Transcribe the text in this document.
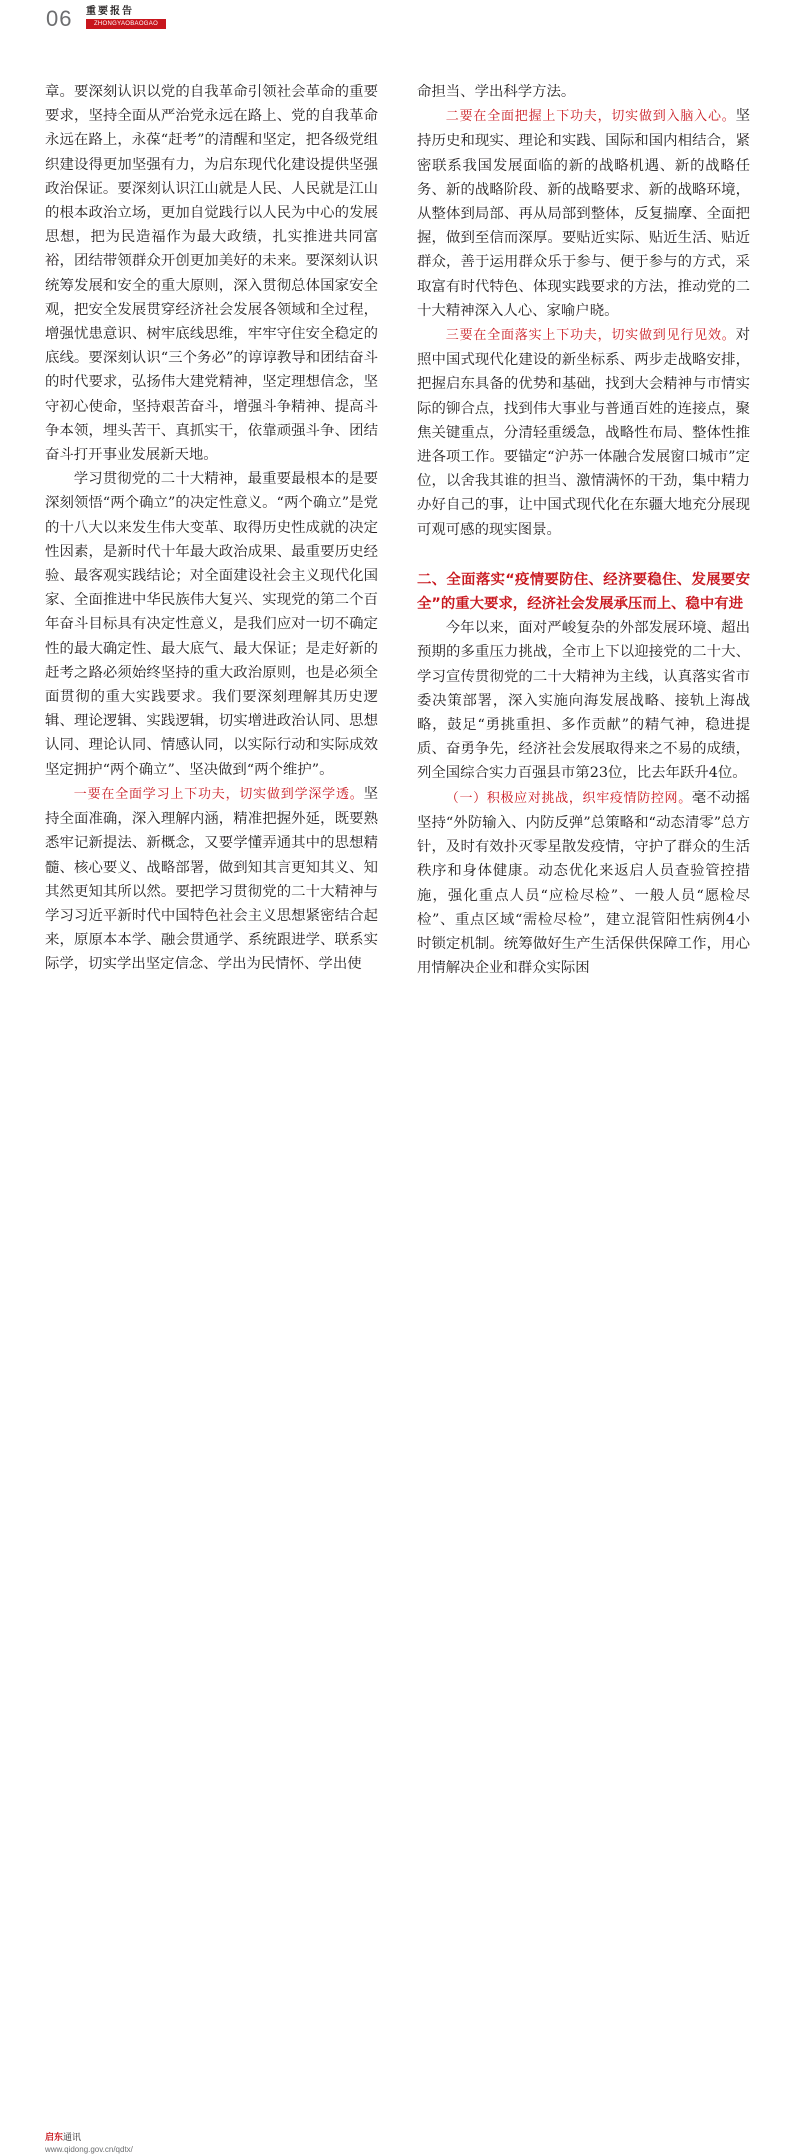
06 重要报告
ZHONGYAOBAOGAO

章。要深刻认识以党的自我革命引领社会革命的重要要求，坚持全面从严治党永远在路上、党的自我革命永远在路上，永葆“赶考”的清醒和坚定，把各级党组织建设得更加坚强有力，为启东现代化建设提供坚强政治保证。要深刻认识江山就是人民、人民就是江山的根本政治立场，更加自觉践行以人民为中心的发展思想，把为民造福作为最大政绩，扎实推进共同富裕，团结带领群众开创更加美好的未来。要深刻认识统筹发展和安全的重大原则，深入贯彻总体国家安全观，把安全发展贯穿经济社会发展各领域和全过程，增强忧患意识、树牢底线思维，牢牢守住安全稳定的底线。要深刻认识“三个务必”的谆谆教导和团结奋斗的时代要求，弘扬伟大建党精神，坚定理想信念，坚守初心使命，坚持艰苦奋斗，增强斗争精神、提高斗争本领，埋头苦干、真抓实干，依靠顽强斗争、团结奋斗打开事业发展新天地。

学习贯彻党的二十大精神，最重要最根本的是要深刻领悟“两个确立”的决定性意义。“两个确立”是党的十八大以来发生伟大变革、取得历史性成就的决定性因素，是新时代十年最大政治成果、最重要历史经验、最客观实践结论；对全面建设社会主义现代化国家、全面推进中华民族伟大复兴、实现党的第二个百年奋斗目标具有决定性意义，是我们应对一切不确定性的最大确定性、最大底气、最大保证；是走好新的赶考之路必须始终坚持的重大政治原则，也是必须全面贯彻的重大实践要求。我们要深刻理解其历史逻辑、理论逻辑、实践逻辑，切实增进政治认同、思想认同、理论认同、情感认同，以实际行动和实际成效坚定拥护“两个确立”、坚决做到“两个维护”。

一要在全面学习上下功夫，切实做到学深学透。坚持全面准确，深入理解内涵，精准把握外延，既要熟悉牢记新提法、新概念，又要学懂弄通其中的思想精髓、核心要义、战略部署，做到知其言更知其义、知其然更知其所以然。要把学习贯彻党的二十大精神与学习习近平新时代中国特色社会主义思想紧密结合起来，原原本本学、融会贯通学、系统跟进学、联系实际学，切实学出坚定信念、学出为民情怀、学出使

命担当、学出科学方法。

二要在全面把握上下功夫，切实做到入脑入心。坚持历史和现实、理论和实践、国际和国内相结合，紧密联系我国发展面临的新的战略机遇、新的战略任务、新的战略阶段、新的战略要求、新的战略环境，从整体到局部、再从局部到整体，反复揣摩、全面把握，做到至信而深厚。要贴近实际、贴近生活、贴近群众，善于运用群众乐于参与、便于参与的方式，采取富有时代特色、体现实践要求的方法，推动党的二十大精神深入人心、家喻户晓。

三要在全面落实上下功夫，切实做到见行见效。对照中国式现代化建设的新坐标系、两步走战略安排，把握启东具备的优势和基础，找到大会精神与市情实际的铆合点，找到伟大事业与普通百姓的连接点，聚焦关键重点，分清轻重缓急，战略性布局、整体性推进各项工作。要锚定“沪苏一体融合发展窗口城市”定位，以舍我其谁的担当、激情满怀的干劲，集中精力办好自己的事，让中国式现代化在东疆大地充分展现可观可感的现实图景。

二、全面落实“疫情要防住、经济要稳住、发展要安全”的重大要求，经济社会发展承压而上、稳中有进

今年以来，面对严峻复杂的外部发展环境、超出预期的多重压力挑战，全市上下以迎接党的二十大、学习宣传贯彻党的二十大精神为主线，认真落实省市委决策部署，深入实施向海发展战略、接轨上海战略，鼓足“勇挑重担、多作贡献”的精气神，稳进提质、奋勇争先，经济社会发展取得来之不易的成绩，列全国综合实力百强县市第23位，比去年跃升4位。

（一）积极应对挑战，织牢疫情防控网。毫不动摇坚持“外防输入、内防反弹”总策略和“动态清零”总方针，及时有效扑灭零星散发疫情，守护了群众的生活秩序和身体健康。动态优化来返启人员查验管控措施，强化重点人员“应检尽检”、一般人员“愿检尽检”、重点区域“需检尽检”，建立混管阳性病例4小时锁定机制。统筹做好生产生活保供保障工作，用心用情解决企业和群众实际困

启东通讯
www.qidong.gov.cn/qdtx/
